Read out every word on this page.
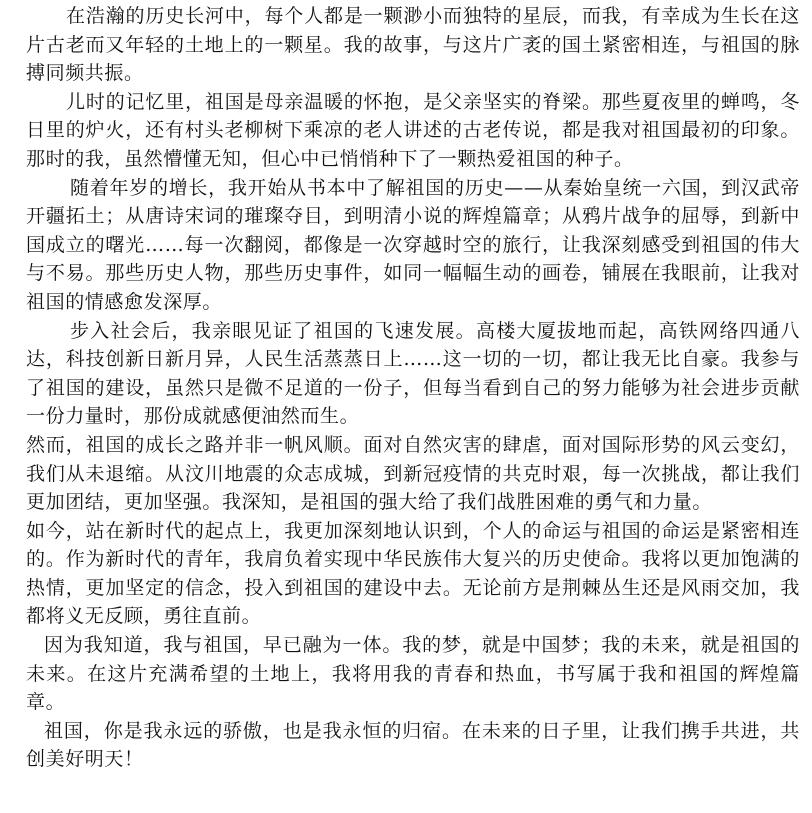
在浩瀚的历史长河中，每个人都是一颗渺小而独特的星辰，而我，有幸成为生长在这片古老而又年轻的土地上的一颗星。我的故事，与这片广袤的国土紧密相连，与祖国的脉搏同频共振。

儿时的记忆里，祖国是母亲温暖的怀抱，是父亲坚实的脊梁。那些夏夜里的蝉鸣，冬日里的炉火，还有村头老柳树下乘凉的老人讲述的古老传说，都是我对祖国最初的印象。那时的我，虽然懵懂无知，但心中已悄悄种下了一颗热爱祖国的种子。

随着年岁的增长，我开始从书本中了解祖国的历史——从秦始皇统一六国，到汉武帝开疆拓土；从唐诗宋词的璀璨夺目，到明清小说的辉煌篇章；从鸦片战争的屈辱，到新中国成立的曙光……每一次翻阅，都像是一次穿越时空的旅行，让我深刻感受到祖国的伟大与不易。那些历史人物，那些历史事件，如同一幅幅生动的画卷，铺展在我眼前，让我对祖国的情感愈发深厚。

步入社会后，我亲眼见证了祖国的飞速发展。高楼大厦拔地而起，高铁网络四通八达，科技创新日新月异，人民生活蒸蒸日上……这一切的一切，都让我无比自豪。我参与了祖国的建设，虽然只是微不足道的一份子，但每当看到自己的努力能够为社会进步贡献一份力量时，那份成就感便油然而生。

然而，祖国的成长之路并非一帆风顺。面对自然灾害的肆虐，面对国际形势的风云变幻，我们从未退缩。从汶川地震的众志成城，到新冠疫情的共克时艰，每一次挑战，都让我们更加团结，更加坚强。我深知，是祖国的强大给了我们战胜困难的勇气和力量。

如今，站在新时代的起点上，我更加深刻地认识到，个人的命运与祖国的命运是紧密相连的。作为新时代的青年，我肩负着实现中华民族伟大复兴的历史使命。我将以更加饱满的热情，更加坚定的信念，投入到祖国的建设中去。无论前方是荆棘丛生还是风雨交加，我都将义无反顾，勇往直前。

因为我知道，我与祖国，早已融为一体。我的梦，就是中国梦；我的未来，就是祖国的未来。在这片充满希望的土地上，我将用我的青春和热血，书写属于我和祖国的辉煌篇章。

祖国，你是我永远的骄傲，也是我永恒的归宿。在未来的日子里，让我们携手共进，共创美好明天！
